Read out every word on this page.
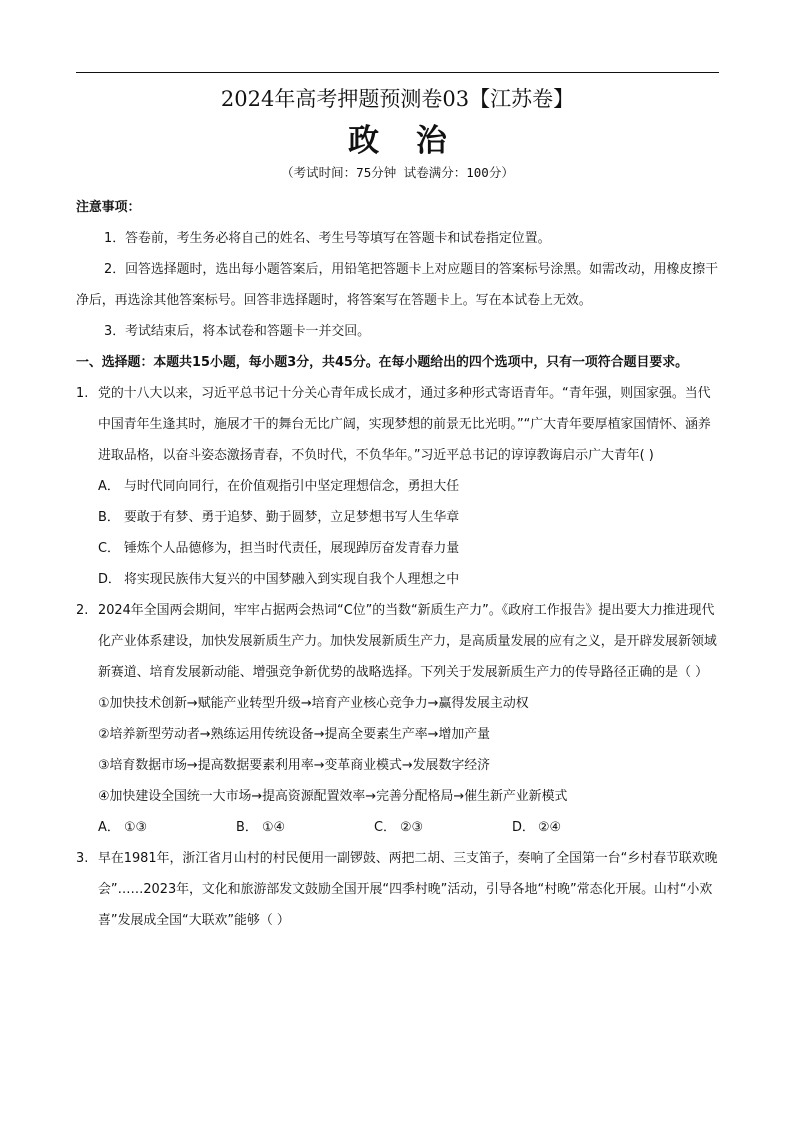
2024年高考押题预测卷03【江苏卷】
政 治
（考试时间：75分钟 试卷满分：100分）
注意事项：
1．答卷前，考生务必将自己的姓名、考生号等填写在答题卡和试卷指定位置。
2．回答选择题时，选出每小题答案后，用铅笔把答题卡上对应题目的答案标号涂黑。如需改动，用橡皮擦干净后，再选涂其他答案标号。回答非选择题时，将答案写在答题卡上。写在本试卷上无效。
3．考试结束后，将本试卷和答题卡一并交回。
一、选择题：本题共15小题，每小题3分，共45分。在每小题给出的四个选项中，只有一项符合题目要求。
1. 党的十八大以来，习近平总书记十分关心青年成长成才，通过多种形式寄语青年。“青年强，则国家强。当代中国青年生逢其时，施展才干的舞台无比广阔，实现梦想的前景无比光明。”“广大青年要厚植家国情怀、涵养进取品格，以奋斗姿态激扬青春，不负时代，不负华年。”习近平总书记的谆谆教诲启示广大青年( )
A． 与时代同向同行，在价值观指引中坚定理想信念，勇担大任
B． 要敢于有梦、勇于追梦、勤于圆梦，立足梦想书写人生华章
C． 锤炼个人品德修为，担当时代责任，展现踔厉奋发青春力量
D． 将实现民族伟大复兴的中国梦融入到实现自我个人理想之中
2. 2024年全国两会期间，牢牢占据两会热词“C位”的当数“新质生产力”。《政府工作报告》提出要大力推进现代化产业体系建设，加快发展新质生产力。加快发展新质生产力，是高质量发展的应有之义，是开辟发展新领域新赛道、培育发展新动能、增强竞争新优势的战略选择。下列关于发展新质生产力的传导路径正确的是（ ）
①加快技术创新→赋能产业转型升级→培育产业核心竞争力→赢得发展主动权
②培养新型劳动者→熟练运用传统设备→提高全要素生产率→增加产量
③培育数据市场→提高数据要素利用率→变革商业模式→发展数字经济
④加快建设全国统一大市场→提高资源配置效率→完善分配格局→催生新产业新模式
A． ①③	B． ①④	C． ②③	D． ②④
3. 早在1981年，浙江省月山村的村民便用一副锣鼓、两把二胡、三支笛子，奏响了全国第一台“乡村春节联欢晚会”……2023年，文化和旅游部发文鼓励全国开展“四季村晚”活动，引导各地“村晚”常态化开展。山村“小欢喜”发展成全国“大联欢”能够（ ）
